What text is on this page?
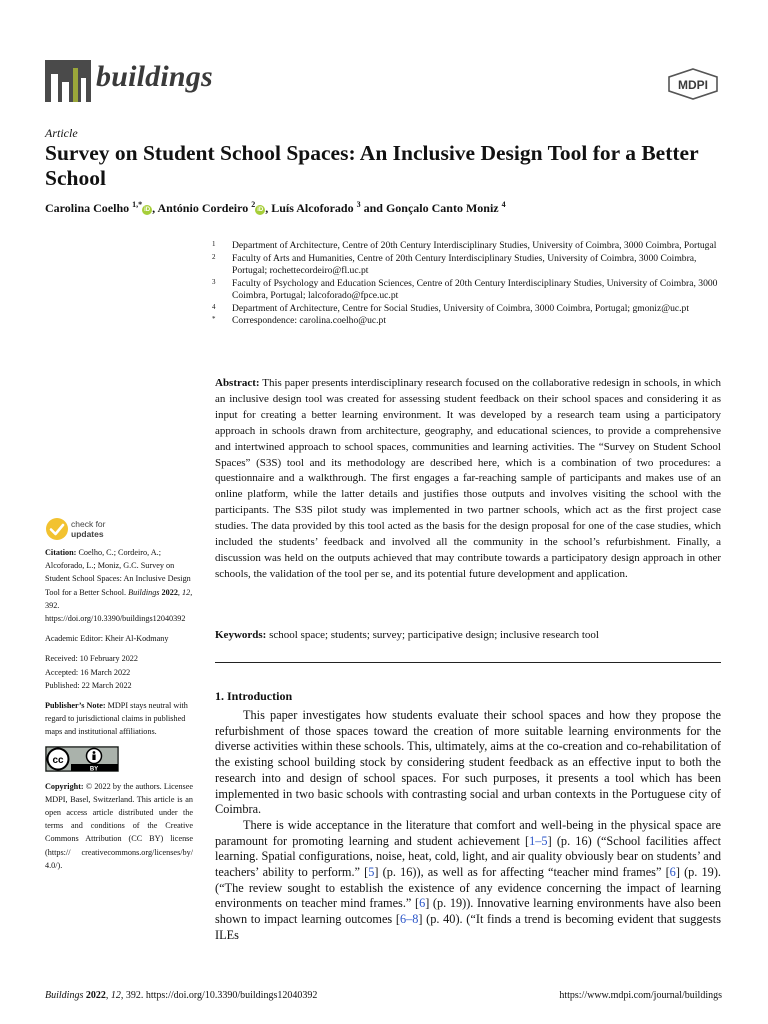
buildings	MDPI
Article
Survey on Student School Spaces: An Inclusive Design Tool for a Better School
Carolina Coelho $^{1,*}$iD , António Cordeiro $^2$iD , Luís Alcoforado $^3$ and Gonçalo Canto Moniz $^4$
1 Department of Architecture, Centre of 20th Century Interdisciplinary Studies, University of Coimbra, 3000 Coimbra, Portugal
2 Faculty of Arts and Humanities, Centre of 20th Century Interdisciplinary Studies, University of Coimbra, 3000 Coimbra, Portugal; rochettecordeiro@fl.uc.pt
3 Faculty of Psychology and Education Sciences, Centre of 20th Century Interdisciplinary Studies, University of Coimbra, 3000 Coimbra, Portugal; lalcoforado@fpce.uc.pt
4 Department of Architecture, Centre for Social Studies, University of Coimbra, 3000 Coimbra, Portugal; gmoniz@uc.pt
* Correspondence: carolina.coelho@uc.pt
Abstract: This paper presents interdisciplinary research focused on the collaborative redesign in schools, in which an inclusive design tool was created for assessing student feedback on their school spaces and considering it as input for creating a better learning environment. It was developed by a research team using a participatory approach in schools drawn from architecture, geography, and educational sciences, to provide a comprehensive and intertwined approach to school spaces, communities and learning activities. The “Survey on Student School Spaces” (S3S) tool and its methodology are described here, which is a combination of two procedures: a questionnaire and a walkthrough. The first engages a far-reaching sample of participants and makes use of an online platform, while the latter details and justifies those outputs and involves visiting the school with the participants. The S3S pilot study was implemented in two partner schools, which act as the first project case studies. The data provided by this tool acted as the basis for the design proposal for one of the case studies, which included the students’ feedback and involved all the community in the school’s refurbishment. Finally, a discussion was held on the outputs achieved that may contribute towards a participatory design approach in other schools, the validation of the tool per se, and its potential future development and application.
Keywords: school space; students; survey; participative design; inclusive research tool
1. Introduction

This paper investigates how students evaluate their school spaces and how they propose the refurbishment of those spaces toward the creation of more suitable learning environments for the diverse activities within these schools. This, ultimately, aims at the co-creation and co-rehabilitation of the existing school building stock by considering student feedback as an effective input to both the research into and design of school spaces. For such purposes, it presents a tool which has been implemented in two basic schools with contrasting social and urban contexts in the Portuguese city of Coimbra.

There is wide acceptance in the literature that comfort and well-being in the physical space are paramount for promoting learning and student achievement [1–5] (p. 16) (“School facilities affect learning. Spatial configurations, noise, heat, cold, light, and air quality obviously bear on students’ and teachers’ ability to perform.” [5] (p. 16)), as well as for affecting “teacher mind frames” [6] (p. 19). (“The review sought to establish the existence of any evidence concerning the impact of learning environments on teacher mind frames.” [6] (p. 19)). Innovative learning environments have also been shown to impact learning outcomes [6–8] (p. 40). (“It finds a trend is becoming evident that suggests ILEs

check for
updates

Citation: Coelho, C.; Cordeiro, A.; Alcoforado, L.; Moniz, G.C. Survey on Student School Spaces: An Inclusive Design Tool for a Better School. Buildings 2022, 12, 392. https://doi.org/10.3390/buildings12040392

Academic Editor: Kheir Al-Kodmany

Received: 10 February 2022

Accepted: 16 March 2022

Published: 22 March 2022

Publisher’s Note: MDPI stays neutral with regard to jurisdictional claims in published maps and institutional affiliations.

cc
BY

Copyright: © 2022 by the authors. Licensee MDPI, Basel, Switzerland. This article is an open access article distributed under the terms and conditions of the Creative Commons Attribution (CC BY) license (https:// creativecommons.org/licenses/by/ 4.0/).

Buildings 2022, 12, 392. https://doi.org/10.3390/buildings12040392	https://www.mdpi.com/journal/buildings
